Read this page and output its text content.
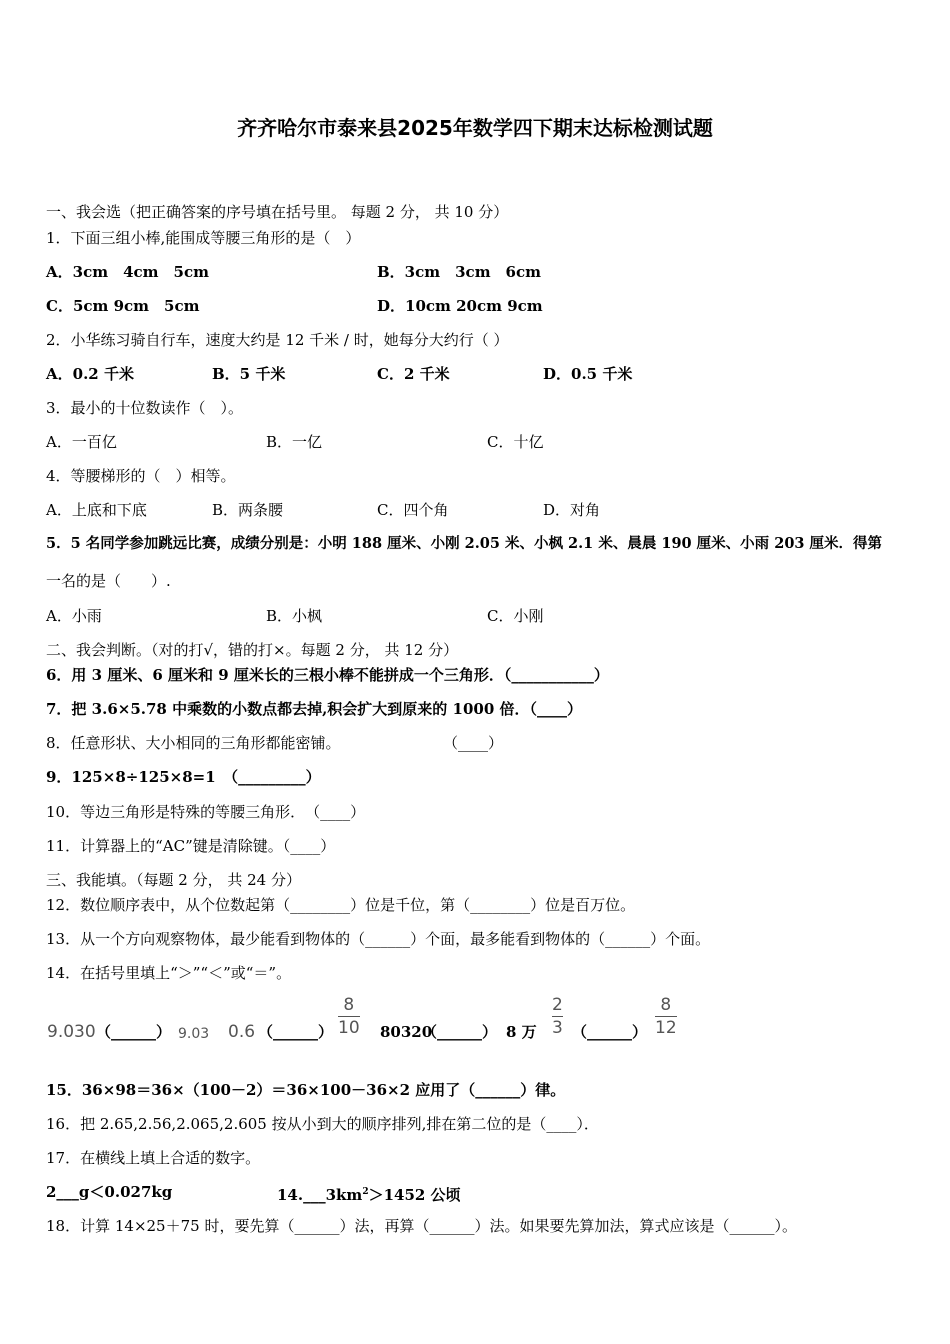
齐齐哈尔市泰来县2025年数学四下期末达标检测试题
一、我会选（把正确答案的序号填在括号里。 每题 2 分， 共 10 分）
1．下面三组小棒,能围成等腰三角形的是（　）
A．3cm　4cm　5cm	B．3cm　3cm　6cm
C．5cm 9cm　5cm	D．10cm 20cm 9cm
2．小华练习骑自行车，速度大约是 12 千米 / 时，她每分大约行（ ）
A．0.2 千米	B．5 千米	C．2 千米	D．0.5 千米
3．最小的十位数读作（　）。
A．一百亿	B．一亿	C．十亿
4．等腰梯形的（　）相等。
A．上底和下底	B．两条腰	C．四个角	D．对角
5．5 名同学参加跳远比赛，成绩分别是：小明 188 厘米、小刚 2.05 米、小枫 2.1 米、晨晨 190 厘米、小雨 203 厘米．得第
一名的是（　　）.
A．小雨	B．小枫	C．小刚
二、我会判断。（对的打√，错的打×。每题 2 分， 共 12 分）
6．用 3 厘米、6 厘米和 9 厘米长的三根小棒不能拼成一个三角形．（___________）
7．把 3.6×5.78 中乘数的小数点都去掉,积会扩大到原来的 1000 倍．（____）
8．任意形状、大小相同的三角形都能密铺。	（____）
9．125×8÷125×8=1　（_________）
10．等边三角形是特殊的等腰三角形．　（____）
11．计算器上的“AC”键是清除键。（____）
三、我能填。（每题 2 分， 共 24 分）
12．数位顺序表中，从个位数起第（________）位是千位，第（________）位是百万位。
13．从一个方向观察物体，最少能看到物体的（______）个面，最多能看到物体的（______）个面。
14．在括号里填上“＞”“＜”或“＝”。
9.030 （______） 9.03 0.6 （______）
8
10 80320
（______） 8 万
2
3 （______）
8
12
15．36×98＝36×（100－2）＝36×100－36×2 应用了（______）律。
16．把 2.65,2.56,2.065,2.605 按从小到大的顺序排列,排在第二位的是（____）．
17．在横线上填上合适的数字。
2___g＜0.027kg	$14.\_\_\_3km^2>1452$ 公顷
18．计算 14×25＋75 时，要先算（______）法，再算（______）法。如果要先算加法，算式应该是（______）。
